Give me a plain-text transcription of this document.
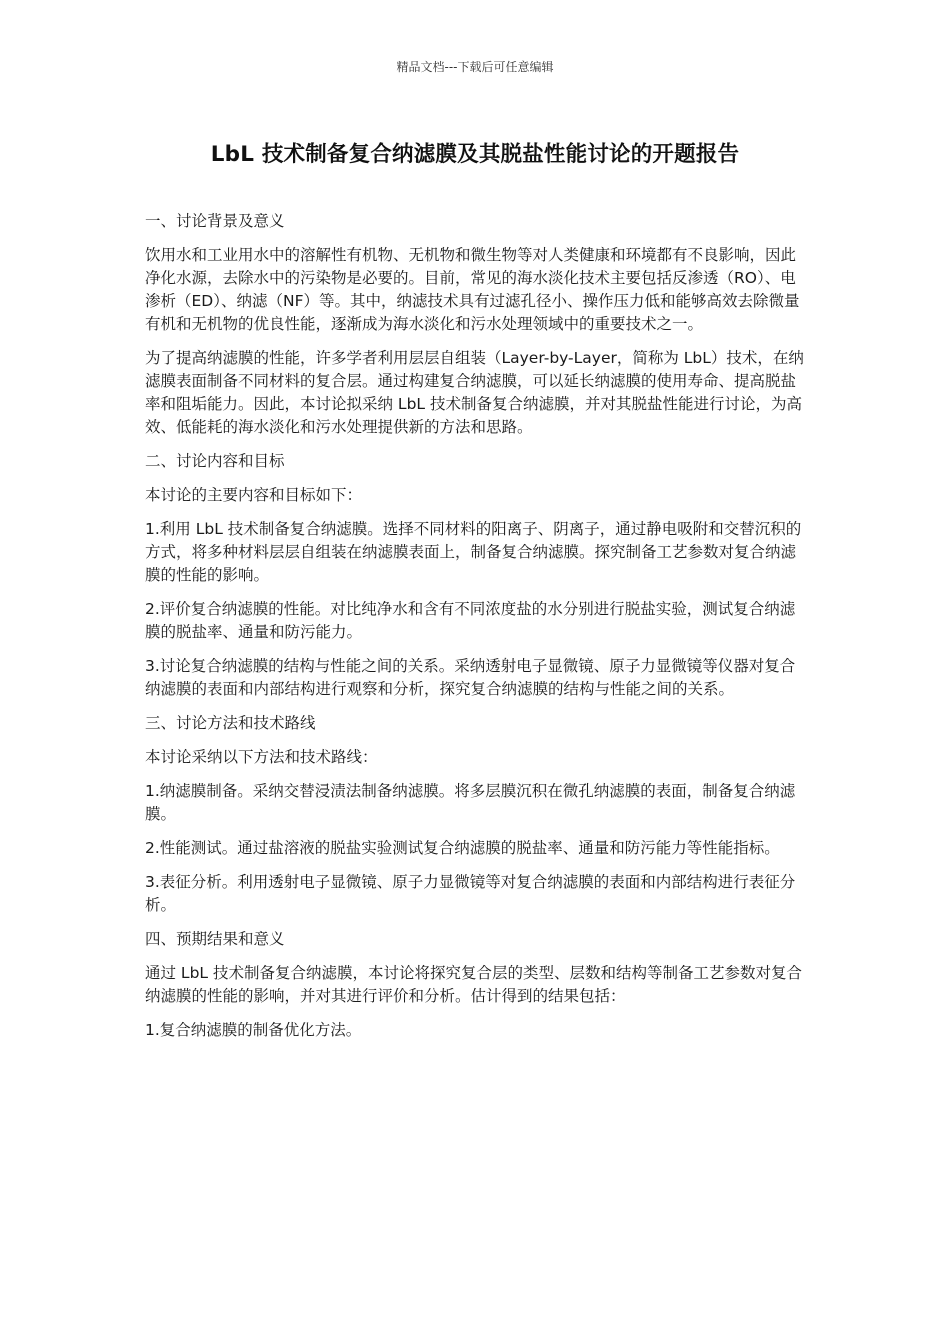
精品文档---下载后可任意编辑
LbL 技术制备复合纳滤膜及其脱盐性能讨论的开题报告

一、讨论背景及意义

饮用水和工业用水中的溶解性有机物、无机物和微生物等对人类健康和环境都有不良影响，因此净化水源，去除水中的污染物是必要的。目前，常见的海水淡化技术主要包括反渗透（RO）、电渗析（ED）、纳滤（NF）等。其中，纳滤技术具有过滤孔径小、操作压力低和能够高效去除微量有机和无机物的优良性能，逐渐成为海水淡化和污水处理领域中的重要技术之一。

为了提高纳滤膜的性能，许多学者利用层层自组装（Layer-by-Layer，简称为 LbL）技术，在纳滤膜表面制备不同材料的复合层。通过构建复合纳滤膜，可以延长纳滤膜的使用寿命、提高脱盐率和阻垢能力。因此，本讨论拟采纳 LbL 技术制备复合纳滤膜，并对其脱盐性能进行讨论，为高效、低能耗的海水淡化和污水处理提供新的方法和思路。

二、讨论内容和目标

本讨论的主要内容和目标如下：

1.利用 LbL 技术制备复合纳滤膜。选择不同材料的阳离子、阴离子，通过静电吸附和交替沉积的方式，将多种材料层层自组装在纳滤膜表面上，制备复合纳滤膜。探究制备工艺参数对复合纳滤膜的性能的影响。

2.评价复合纳滤膜的性能。对比纯净水和含有不同浓度盐的水分别进行脱盐实验，测试复合纳滤膜的脱盐率、通量和防污能力。

3.讨论复合纳滤膜的结构与性能之间的关系。采纳透射电子显微镜、原子力显微镜等仪器对复合纳滤膜的表面和内部结构进行观察和分析，探究复合纳滤膜的结构与性能之间的关系。

三、讨论方法和技术路线

本讨论采纳以下方法和技术路线：

1.纳滤膜制备。采纳交替浸渍法制备纳滤膜。将多层膜沉积在微孔纳滤膜的表面，制备复合纳滤膜。

2.性能测试。通过盐溶液的脱盐实验测试复合纳滤膜的脱盐率、通量和防污能力等性能指标。

3.表征分析。利用透射电子显微镜、原子力显微镜等对复合纳滤膜的表面和内部结构进行表征分析。

四、预期结果和意义

通过 LbL 技术制备复合纳滤膜，本讨论将探究复合层的类型、层数和结构等制备工艺参数对复合纳滤膜的性能的影响，并对其进行评价和分析。估计得到的结果包括：

1.复合纳滤膜的制备优化方法。
